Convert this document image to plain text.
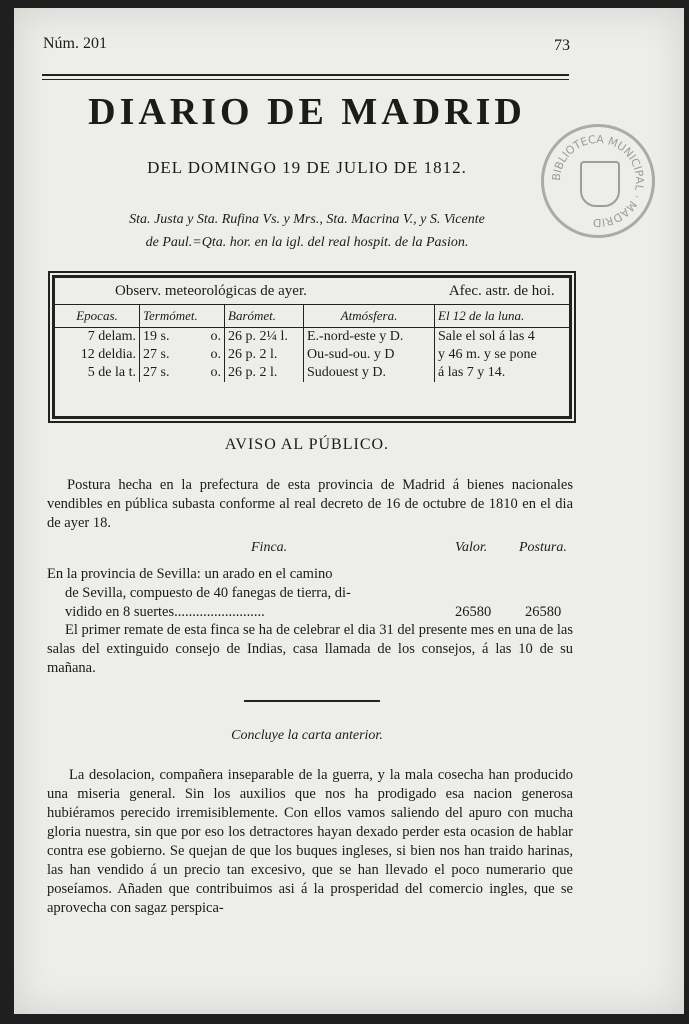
Núm. 201	73
DIARIO DE MADRID
DEL DOMINGO 19 DE JULIO DE 1812.
Sta. Justa y Sta. Rufina Vs. y Mrs., Sta. Macrina V., y S. Vicente
de Paul.=Qta. hor. en la igl. del real hospit. de la Pasion.
BIBLIOTECA MUNICIPAL · MADRID
Observ. meteorológicas de ayer.				Afec. astr. de hoi.
Epocas.	Termómet.	Barómet.	Atmósfera.	El 12 de la luna.
7 delam.	19 s. o.	26 p. 2¼ l.	E.-nord-este y D.	Sale el sol á las 4
12 deldia.	27 s. o.	26 p. 2 l.	Ou-sud-ou. y D	y 46 m. y se pone
5 de la t.	27 s. o.	26 p. 2 l.	Sudouest y D.	á las 7 y 14.
AVISO AL PÚBLICO.
Postura hecha en la prefectura de esta provincia de Madrid á bienes nacionales vendibles en pública subasta conforme al real decreto de 16 de octubre de 1810 en el dia de ayer 18.
Finca.	Valor. Postura.
En la provincia de Sevilla: un arado en el camino
de Sevilla, compuesto de 40 fanegas de tierra, di-
vidido en 8 suertes.........................	26580 26580
El primer remate de esta finca se ha de celebrar el dia 31 del presente mes en una de las salas del extinguido consejo de Indias, casa llamada de los consejos, á las 10 de su mañana.
Concluye la carta anterior.
La desolacion, compañera inseparable de la guerra, y la mala cosecha han producido una miseria general. Sin los auxilios que nos ha prodigado esa nacion generosa hubiéramos perecido irremisiblemente. Con ellos vamos saliendo del apuro con mucha gloria nuestra, sin que por eso los detractores hayan dexado perder esta ocasion de hablar contra ese gobierno. Se quejan de que los buques ingleses, si bien nos han traido harinas, las han vendido á un precio tan excesivo, que se han llevado el poco numerario que poseíamos. Añaden que contribuimos asi á la prosperidad del comercio ingles, que se aprovecha con sagaz perspica-
